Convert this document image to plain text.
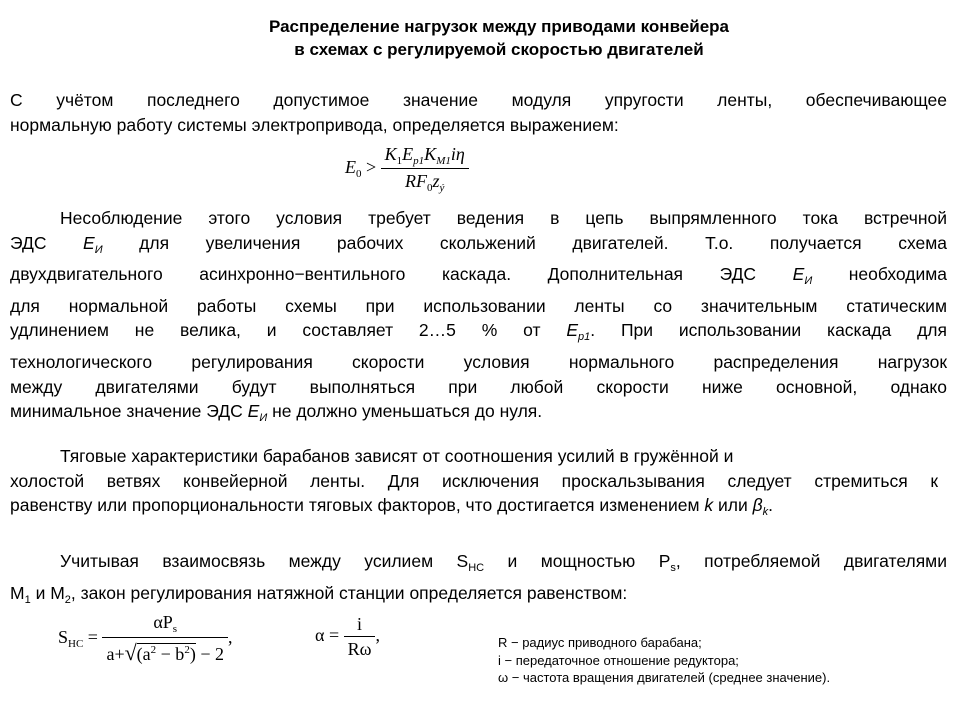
Распределение нагрузок между приводами конвейера
в схемах с регулируемой скоростью двигателей
С учётом последнего допустимое значение модуля упругости ленты, обеспечивающее
нормальную работу системы электропривода, определяется выражением:
$E_0 > \frac{K_1E_{p1}K_{M1}i\eta}{RF_0z_ý}$
Несоблюдение этого условия требует ведения в цепь выпрямленного тока встречной
ЭДС $E_И$ для увеличения рабочих скольжений двигателей. Т.о. получается схема
двухдвигательного асинхронно−вентильного каскада. Дополнительная ЭДС $E_И$ необходима
для нормальной работы схемы при использовании ленты со значительным статическим
удлинением не велика, и составляет 2…5 % от $E_{p1}$. При использовании каскада для
технологического регулирования скорости условия нормального распределения нагрузок
между двигателями будут выполняться при любой скорости ниже основной, однако
минимальное значение ЭДС $E_И$ не должно уменьшаться до нуля.
Тяговые характеристики барабанов зависят от соотношения усилий в гружённой и
холостой ветвях конвейерной ленты. Для исключения проскальзывания следует стремиться к
равенству или пропорциональности тяговых факторов, что достигается изменением k или $\beta_k$.
Учитывая взаимосвязь между усилием $S_{НС}$ и мощностью $P_s$, потребляемой двигателями
$M_1$ и $M_2$, закон регулирования натяжной станции определяется равенством:
$S_{НС} = \frac{\alpha P_s}{a+√(a^2 - b^2) - 2}$ ,	$\alpha = \frac{i}{R\omega}$ ,	R − радиус приводного барабана;
i − передаточное отношение редуктора;
ω − частота вращения двигателей (среднее значение).
